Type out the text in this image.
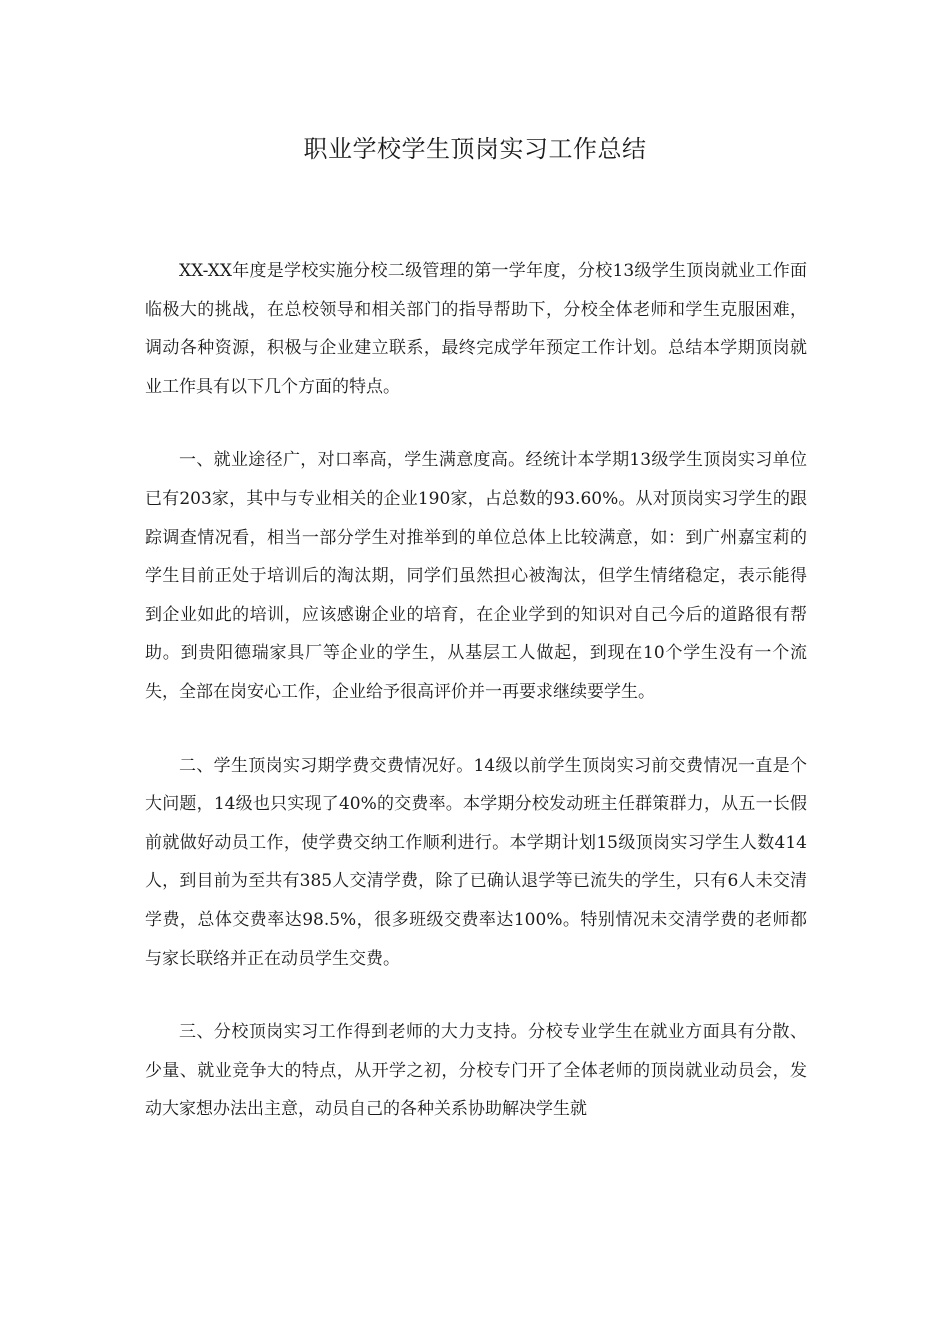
职业学校学生顶岗实习工作总结

XX-XX年度是学校实施分校二级管理的第一学年度，分校13级学生顶岗就业工作面临极大的挑战，在总校领导和相关部门的指导帮助下，分校全体老师和学生克服困难，调动各种资源，积极与企业建立联系，最终完成学年预定工作计划。总结本学期顶岗就业工作具有以下几个方面的特点。

一、就业途径广，对口率高，学生满意度高。经统计本学期13级学生顶岗实习单位已有203家，其中与专业相关的企业190家，占总数的93.60%。从对顶岗实习学生的跟踪调查情况看，相当一部分学生对推举到的单位总体上比较满意，如：到广州嘉宝莉的学生目前正处于培训后的淘汰期，同学们虽然担心被淘汰，但学生情绪稳定，表示能得到企业如此的培训，应该感谢企业的培育，在企业学到的知识对自己今后的道路很有帮助。到贵阳德瑞家具厂等企业的学生，从基层工人做起，到现在10个学生没有一个流失，全部在岗安心工作，企业给予很高评价并一再要求继续要学生。

二、学生顶岗实习期学费交费情况好。14级以前学生顶岗实习前交费情况一直是个大问题，14级也只实现了40%的交费率。本学期分校发动班主任群策群力，从五一长假前就做好动员工作，使学费交纳工作顺利进行。本学期计划15级顶岗实习学生人数414人，到目前为至共有385人交清学费，除了已确认退学等已流失的学生，只有6人未交清学费，总体交费率达98.5%，很多班级交费率达100%。特别情况未交清学费的老师都与家长联络并正在动员学生交费。

三、分校顶岗实习工作得到老师的大力支持。分校专业学生在就业方面具有分散、少量、就业竞争大的特点，从开学之初，分校专门开了全体老师的顶岗就业动员会，发动大家想办法出主意，动员自己的各种关系协助解决学生就
